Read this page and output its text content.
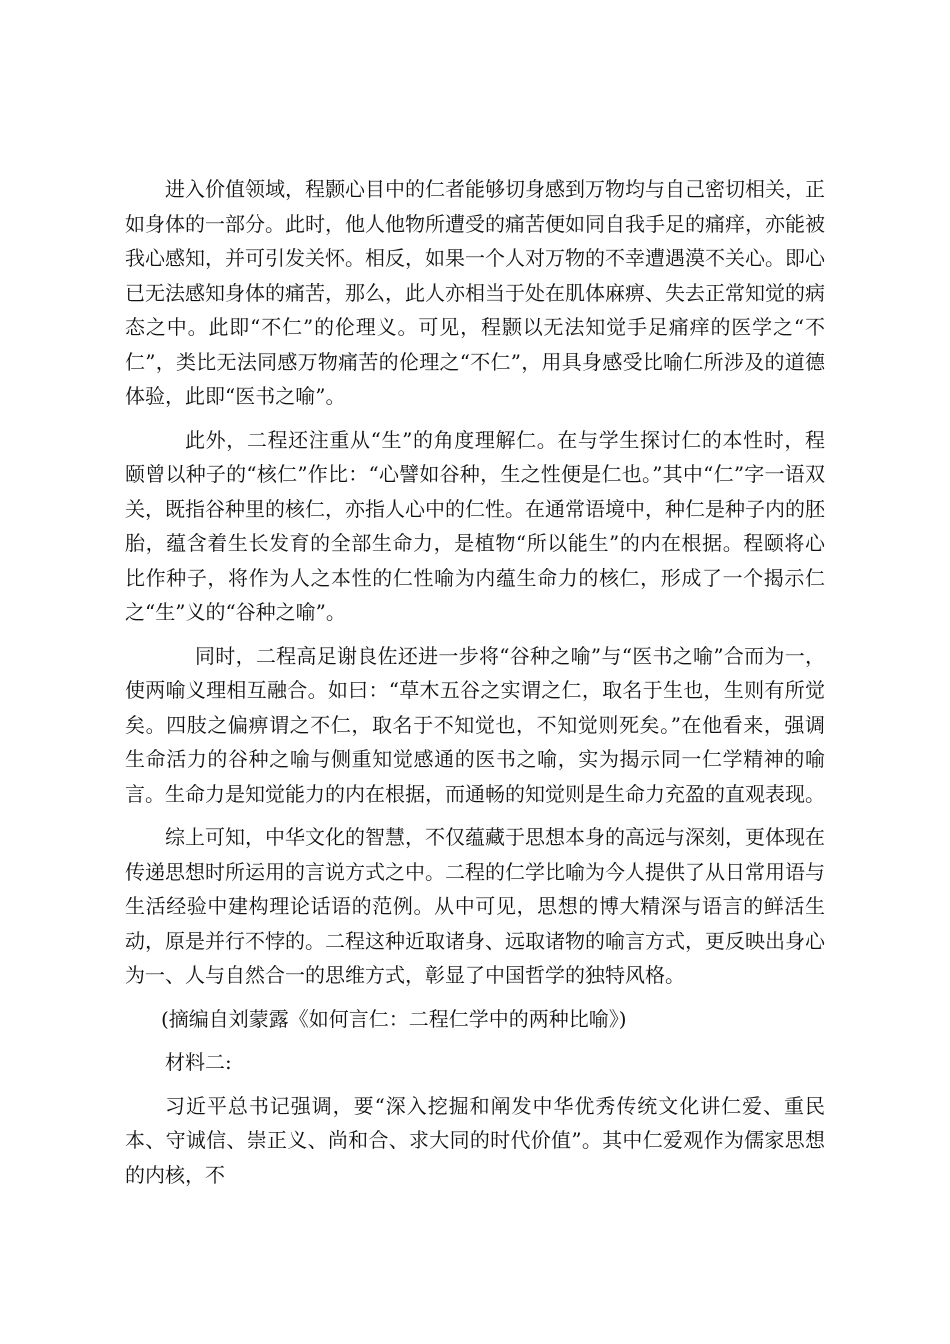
进入价值领域，程颢心目中的仁者能够切身感到万物均与自己密切相关，正如身体的一部分。此时，他人他物所遭受的痛苦便如同自我手足的痛痒，亦能被我心感知，并可引发关怀。相反，如果一个人对万物的不幸遭遇漠不关心。即心已无法感知身体的痛苦，那么，此人亦相当于处在肌体麻痹、失去正常知觉的病态之中。此即“不仁”的伦理义。可见，程颢以无法知觉手足痛痒的医学之“不仁”，类比无法同感万物痛苦的伦理之“不仁”，用具身感受比喻仁所涉及的道德体验，此即“医书之喻”。

此外，二程还注重从“生”的角度理解仁。在与学生探讨仁的本性时，程颐曾以种子的“核仁”作比：“心譬如谷种，生之性便是仁也。”其中“仁”字一语双关，既指谷种里的核仁，亦指人心中的仁性。在通常语境中，种仁是种子内的胚胎，蕴含着生长发育的全部生命力，是植物“所以能生”的内在根据。程颐将心比作种子，将作为人之本性的仁性喻为内蕴生命力的核仁，形成了一个揭示仁之“生”义的“谷种之喻”。

同时，二程高足谢良佐还进一步将“谷种之喻”与“医书之喻”合而为一，使两喻义理相互融合。如曰：“草木五谷之实谓之仁，取名于生也，生则有所觉矣。四肢之偏痹谓之不仁，取名于不知觉也，不知觉则死矣。”在他看来，强调生命活力的谷种之喻与侧重知觉感通的医书之喻，实为揭示同一仁学精神的喻言。生命力是知觉能力的内在根据，而通畅的知觉则是生命力充盈的直观表现。

综上可知，中华文化的智慧，不仅蕴藏于思想本身的高远与深刻，更体现在传递思想时所运用的言说方式之中。二程的仁学比喻为今人提供了从日常用语与生活经验中建构理论话语的范例。从中可见，思想的博大精深与语言的鲜活生动，原是并行不悖的。二程这种近取诸身、远取诸物的喻言方式，更反映出身心为一、人与自然合一的思维方式，彰显了中国哲学的独特风格。

(摘编自刘蒙露《如何言仁：二程仁学中的两种比喻》)

材料二:

习近平总书记强调，要“深入挖掘和阐发中华优秀传统文化讲仁爱、重民本、守诚信、崇正义、尚和合、求大同的时代价值”。其中仁爱观作为儒家思想的内核，不
